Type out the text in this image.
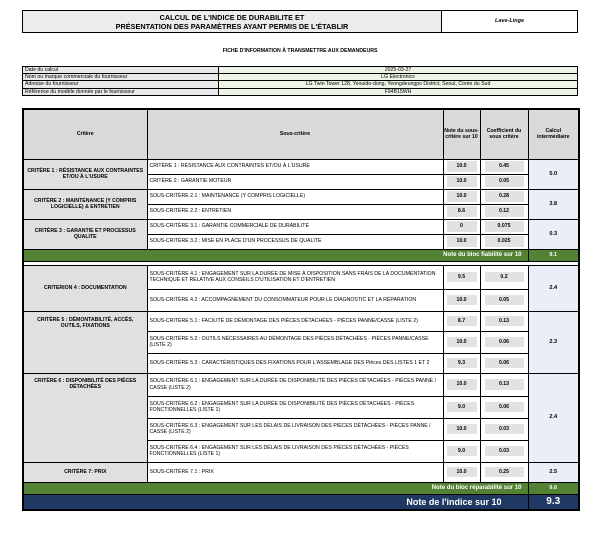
CALCUL DE L'INDICE DE DURABILITE ET
PRÉSENTATION DES PARAMÈTRES AYANT PERMIS DE L'ÉTABLIR
Lave-Linge
FICHE D'INFORMATION À TRANSMETTRE AUX DEMANDEURS
Date du calcul	2025-03-27
Nom ou marque commerciale du fournisseur	LG Electronics
Adresse du fournisseur	LG Twin Tower 128, Yeouido-dong, Yeongdeungpo District, Seoul, Corée du Sud
Référence du modèle donnée par le fournisseur	F94B15WH
Critère	Sous-critère	Note du sous-critère sur 10	Coefficient du sous critère	Calcul intermédiaire
CRITÈRE 1 : RÉSISTANCE AUX CONTRAINTES ET/OU À L'USURE	CRITÈRE 1 : RÉSISTANCE AUX CONTRAINTES ET/OU À L'USURE	10.0	0.45	5.0
	CRITÈRE 2 : GARANTIE MOTEUR	10.0	0.05	

CRITÈRE 2 : MAINTENANCE (Y COMPRIS LOGICIELLE) & ENTRETIEN	SOUS-CRITÈRE 2.1 : MAINTENANCE (Y COMPRIS LOGICIELLE)	10.0	0.28	3.8
	SOUS-CRITÈRE 2.2 : ENTRETIEN	8.6	0.12	

CRITÈRE 3 : GARANTIE ET PROCESSUS QUALITE	SOUS-CRITÈRE 3.1 : GARANTIE COMMERCIALE DE DURABILITÉ	0	0.075	0.3
	SOUS-CRITÈRE 3.2 : MISE EN PLACE D'UN PROCESSUS DE QUALITE	10.0	0.025	

Note du bloc fiabilité sur 10				9.1

CRITERION 4 : DOCUMENTATION	SOUS-CRITÈRE 4.1 : ENGAGEMENT SUR LA DURÉE DE MISE À DISPOSITION SANS FRAIS DE LA DOCUMENTATION TECHNIQUE ET RELATIVE AUX CONSEILS D'UTILISATION ET D'ENTRETIEN	9.5	0.2	2.4
	SOUS-CRITÈRE 4.2 : ACCOMPAGNEMENT DU CONSOMMATEUR POUR LE DIAGNOSTIC ET LA RÉPARATION	10.0	0.05	

CRITÈRE 5 : DÉMONTABILITÉ, ACCÈS, OUTILS, FIXATIONS	SOUS-CRITÈRE 5.1 : FACILITÉ DE DÉMONTAGE DES PIÈCES DÉTACHÉES - PIÈCES PANNE/CASSE (LISTE 2)	8.7	0.13	2.3
	SOUS-CRITÈRE 5.2 : OUTILS NÉCESSAIRES AU DÉMONTAGE DES PIÈCES DÉTACHÉES - PIÈCES PANNE/CASSE (LISTE 2)	10.0	0.06	

	SOUS-CRITÈRE 5.3 : CARACTÉRISTIQUES DES FIXATIONS POUR L'ASSEMBLAGE DES Pièces DES LISTES 1 ET 2	9.3	0.06	

CRITÈRE 6 : DISPONIBILITÉ DES PIÈCES DÉTACHÉES	SOUS-CRITÈRE 6.1 : ENGAGEMENT SUR LA DURÉE DE DISPONIBILITÉ DES PIÈCES DÉTACHÉES - PIÈCES PANNE / CASSE (LISTE 2)	10.0	0.13	2.4
	SOUS-CRITÈRE 6.2 : ENGAGEMENT SUR LA DURÉE DE DISPONIBILITÉ DES PIÈCES DÉTACHÉES - PIÈCES FONCTIONNELLES (LISTE 1)	9.0	0.06	

	SOUS-CRITÈRE 6.3 : ENGAGEMENT SUR LES DÉLAIS DE LIVRAISON DES PIÈCES DÉTACHÉES - PIÈCES PANNE / CASSE (LISTE 2)	10.0	0.03	

	SOUS-CRITÈRE 6.4 : ENGAGEMENT SUR LES DÉLAIS DE LIVRAISON DES PIÈCES DÉTACHÉES - PIÈCES FONCTIONNELLES (LISTE 1)	9.0	0.03	

CRITÈRE 7: PRIX	SOUS-CRITÈRE 7.1 : PRIX	10.0	0.25	2.5
Note du bloc réparabilité sur 10				9.6
Note de l'indice sur 10				9.3
